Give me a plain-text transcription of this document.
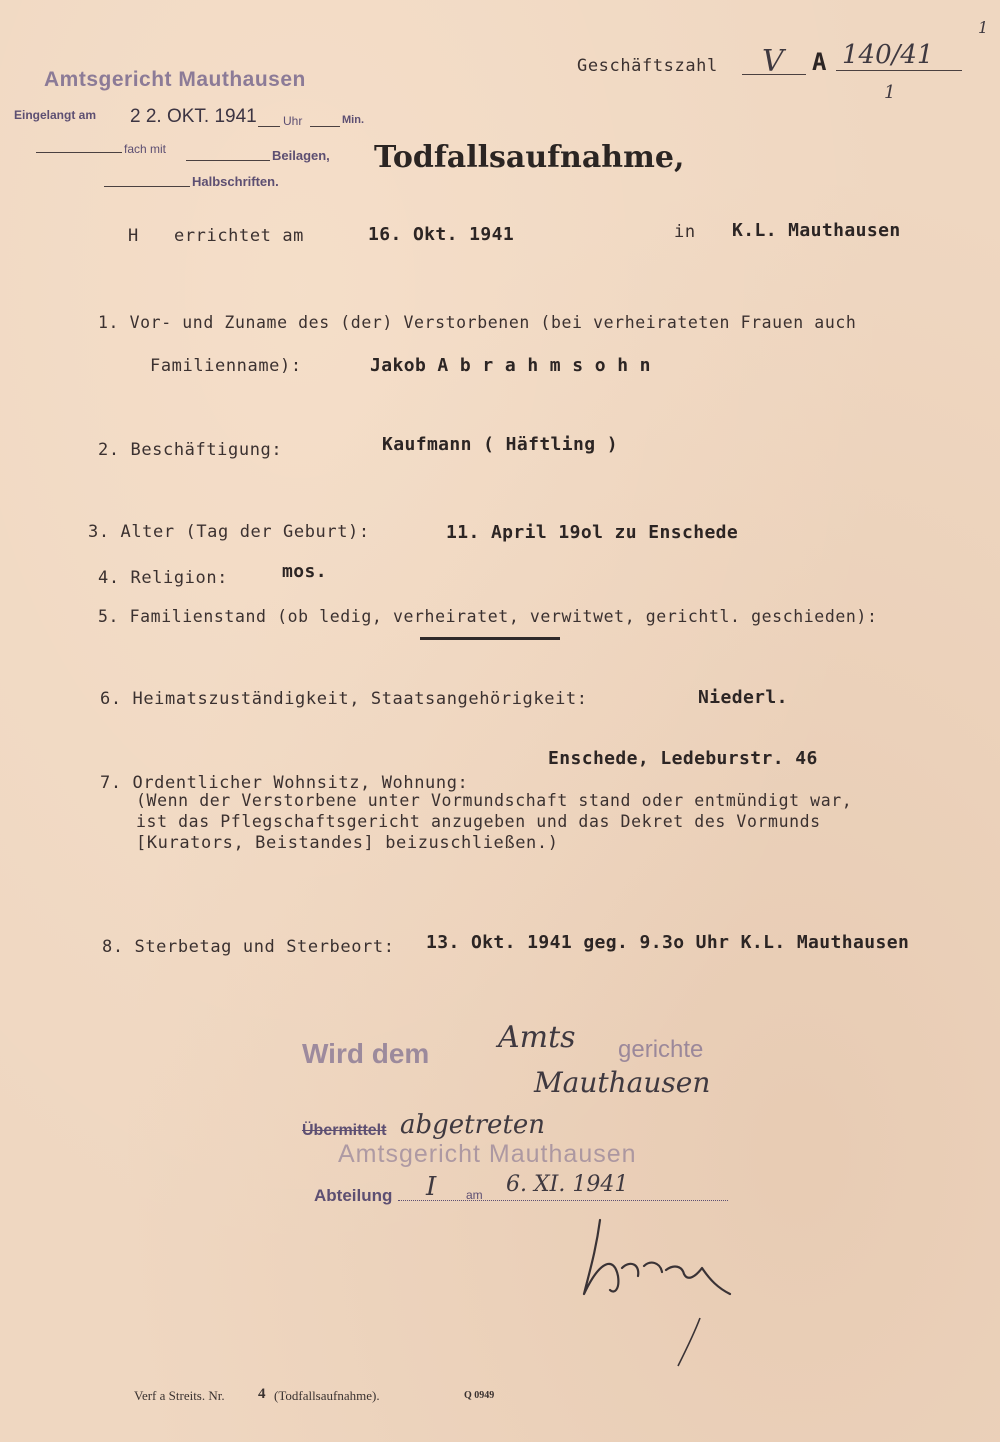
1
Amtsgericht Mauthausen
Eingelangt am 2 2. OKT. 1941 Uhr	Min.
fach mit	Beilagen,
Halbschriften.
Geschäftszahl V A 140/41
1
Todfallsaufnahme,
H errichtet am	16. Okt. 1941	in K.L. Mauthausen
1. Vor- und Zuname des (der) Verstorbenen (bei verheirateten Frauen auch
Familienname):	Jakob A b r a h m s o h n
2. Beschäftigung:	Kaufmann ( Häftling )
3. Alter (Tag der Geburt):	11. April 19ol zu Enschede
4. Religion:	mos.
5. Familienstand (ob ledig, verheiratet, verwitwet, gerichtl. geschieden):
6. Heimatszuständigkeit, Staatsangehörigkeit:	Niederl.
Enschede, Ledeburstr. 46
7. Ordentlicher Wohnsitz, Wohnung:
(Wenn der Verstorbene unter Vormundschaft stand oder entmündigt war,
ist das Pflegschaftsgericht anzugeben und das Dekret des Vormunds
[Kurators, Beistandes] beizuschließen.)
8. Sterbetag und Sterbeort: 13. Okt. 1941 geg. 9.3o Uhr K.L. Mauthausen
Wird dem Amts gerichte
Mauthausen
Übermittelt abgetreten
Amtsgericht Mauthausen
Abteilung I am 6. XI. 1941
Verf a Streits. Nr. 4 (Todfallsaufnahme).	Q 0949
